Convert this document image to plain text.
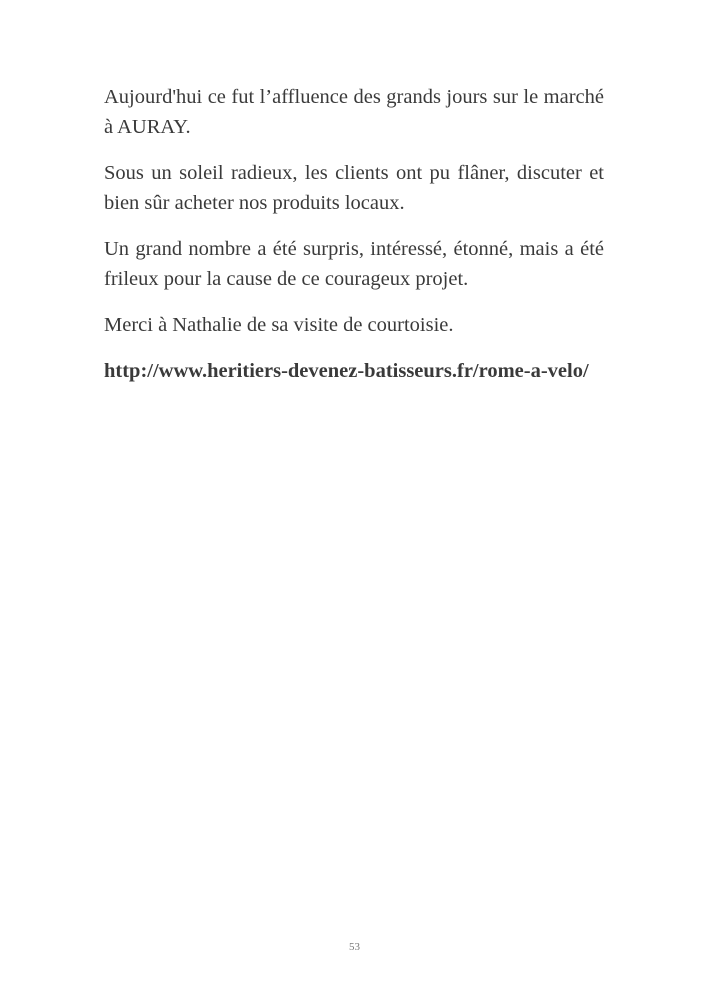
Aujourd'hui ce fut l’affluence des grands jours sur le marché à AURAY.

Sous un soleil radieux, les clients ont pu flâner, discuter et bien sûr acheter nos produits locaux.

Un grand nombre a été surpris, intéressé, étonné, mais a été frileux pour la cause de ce courageux projet.

Merci à Nathalie de sa visite de courtoisie.

http://www.heritiers-devenez-batisseurs.fr/rome-a-velo/
53
